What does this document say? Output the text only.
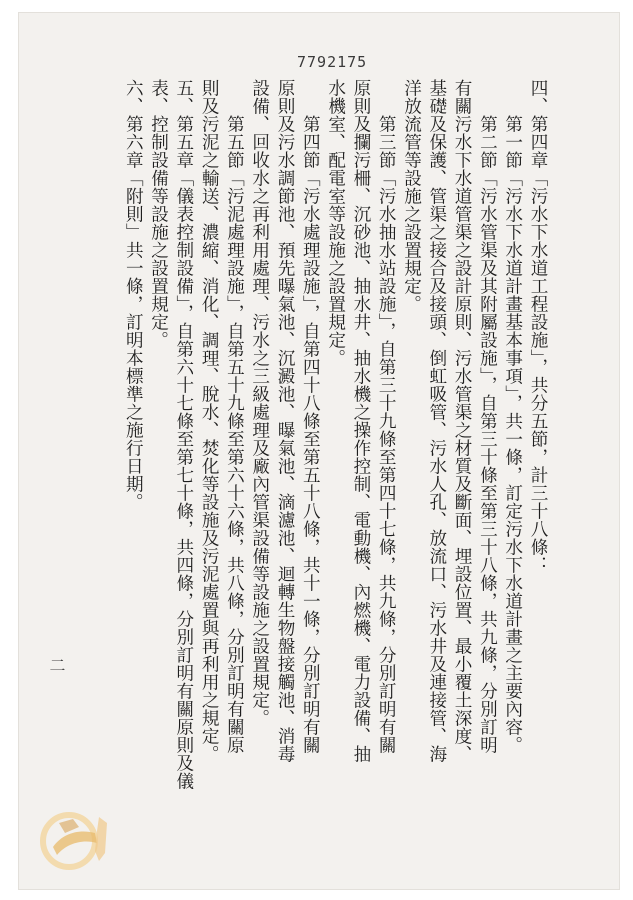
7792175
四、第四章「污水下水道工程設施」，共分五節，計三十八條：
　　第一節「污水下水道計畫基本事項」，共一條，訂定污水下水道計畫之主要內容。
　　第二節「污水管渠及其附屬設施」，自第三十條至第三十八條，共九條，分別訂明
有關污水下水道管渠之設計原則、污水管渠之材質及斷面、埋設位置、最小覆土深度、
基礎及保護、管渠之接合及接頭、倒虹吸管、污水人孔、放流口、污水井及連接管、海
洋放流管等設施之設置規定。
　　第三節「污水抽水站設施」，自第三十九條至第四十七條，共九條，分別訂明有關
原則及攔污柵、沉砂池、抽水井、抽水機之操作控制、電動機、內燃機、電力設備、抽
水機室、配電室等設施之設置規定。
　　第四節「污水處理設施」，自第四十八條至第五十八條，共十一條，分別訂明有關
原則及污水調節池、預先曝氣池、沉澱池、曝氣池、滴濾池、迴轉生物盤接觸池、消毒
設備、回收水之再利用處理、污水之三級處理及廠內管渠設備等設施之設置規定。
　　第五節「污泥處理設施」，自第五十九條至第六十六條，共八條，分別訂明有關原
則及污泥之輸送、濃縮、消化、調理、脫水、焚化等設施及污泥處置與再利用之規定。
五、第五章「儀表控制設備」，自第六十七條至第七十條，共四條，分別訂明有關原則及儀
表、控制設備等設施之設置規定。
六、第六章「附則」共一條，訂明本標準之施行日期。
二
